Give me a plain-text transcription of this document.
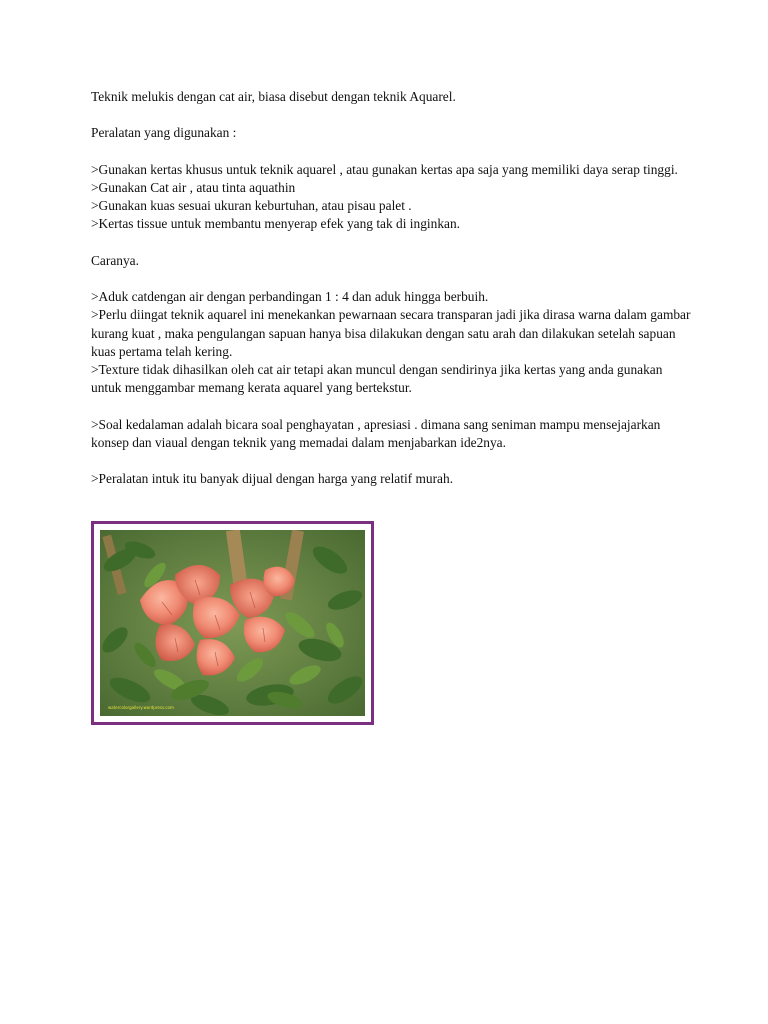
Teknik melukis dengan cat air, biasa disebut dengan teknik Aquarel.

Peralatan yang digunakan :

>Gunakan kertas khusus untuk teknik aquarel , atau gunakan kertas apa saja yang memiliki daya serap tinggi.
>Gunakan Cat air , atau tinta aquathin
>Gunakan kuas sesuai ukuran keburtuhan, atau pisau palet .
>Kertas tissue untuk membantu menyerap efek yang tak di inginkan.

Caranya.

>Aduk catdengan air dengan perbandingan 1 : 4 dan aduk hingga berbuih.
>Perlu diingat teknik aquarel ini menekankan pewarnaan secara transparan jadi jika dirasa warna dalam gambar kurang kuat , maka pengulangan sapuan hanya bisa dilakukan dengan satu arah dan dilakukan setelah sapuan kuas pertama telah kering.
>Texture tidak dihasilkan oleh cat air tetapi akan muncul dengan sendirinya jika kertas yang anda gunakan untuk menggambar memang kerata aquarel yang bertekstur.

>Soal kedalaman adalah bicara soal penghayatan , apresiasi . dimana sang seniman mampu mensejajarkan konsep dan viaual dengan teknik yang memadai dalam menjabarkan ide2nya.

>Peralatan intuk itu banyak dijual dengan harga yang relatif murah.

watercolorgallery.wordpress.com
